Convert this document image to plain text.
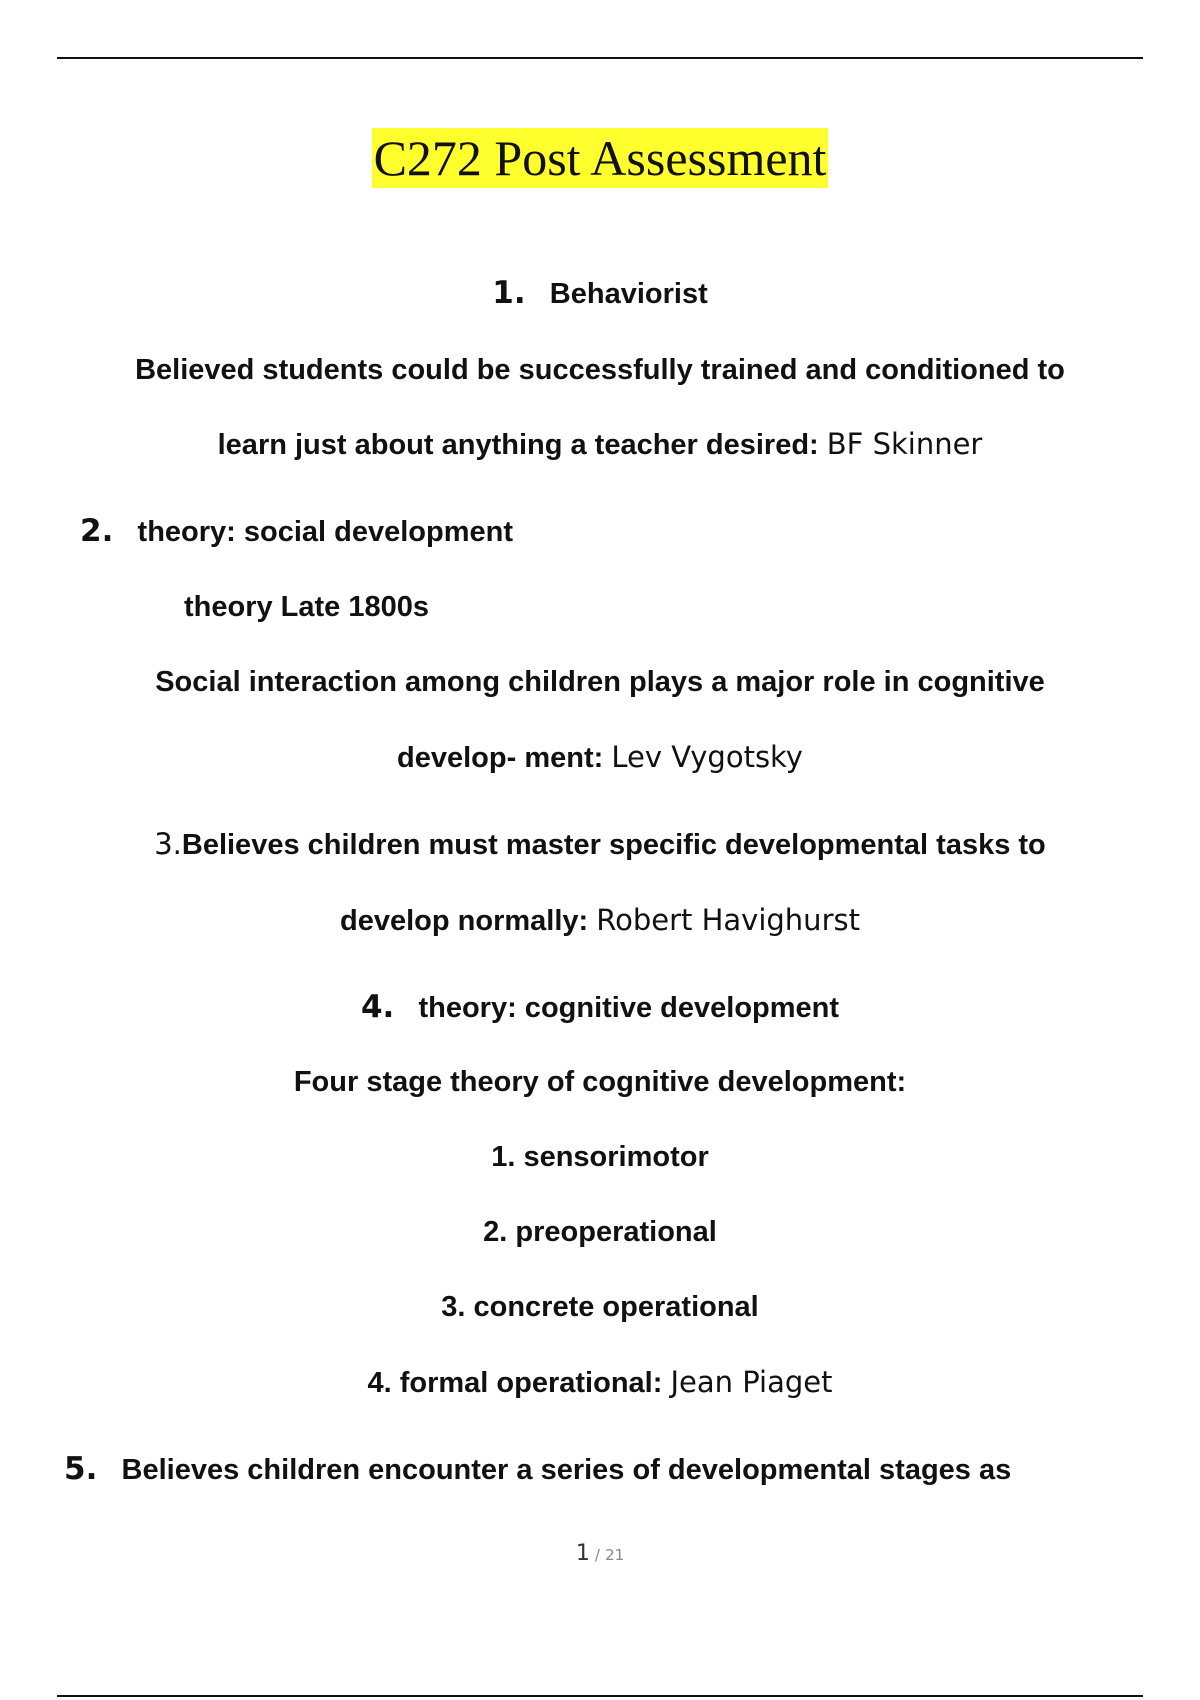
C272 Post Assessment
1. Behaviorist
Believed students could be successfully trained and conditioned to
learn just about anything a teacher desired: BF Skinner
2. theory: social development
theory Late 1800s
Social interaction among children plays a major role in cognitive
develop- ment: Lev Vygotsky
3.Believes children must master specific developmental tasks to
develop normally: Robert Havighurst
4. theory: cognitive development
Four stage theory of cognitive development:
1. sensorimotor
2. preoperational
3. concrete operational
4. formal operational: Jean Piaget
5. Believes children encounter a series of developmental stages as
1 / 21
